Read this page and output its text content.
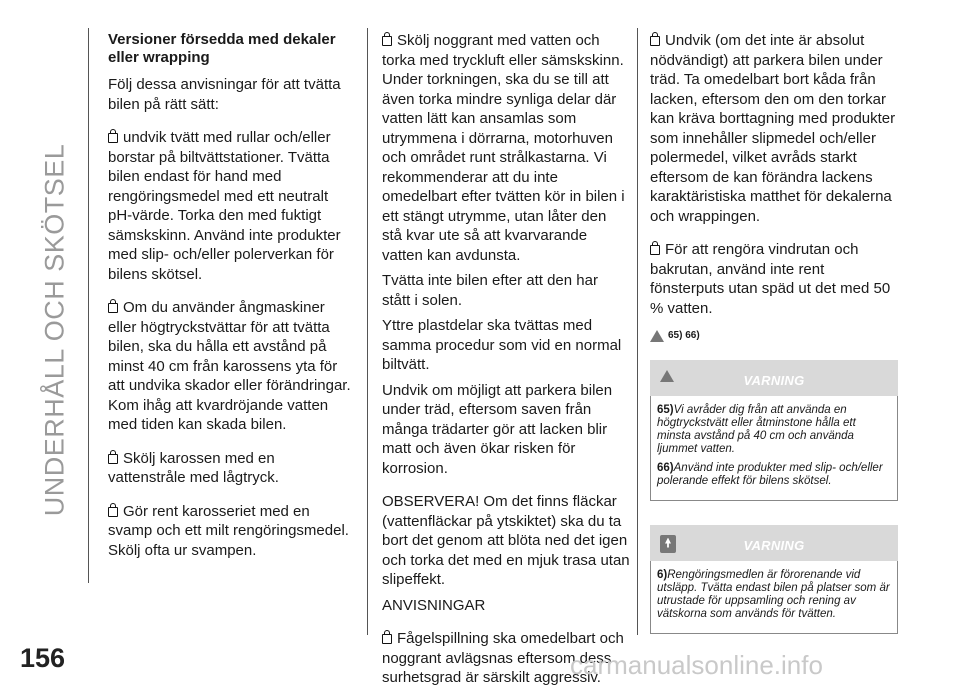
UNDERHÅLL OCH SKÖTSEL

Versioner försedda med dekaler eller wrapping

Följ dessa anvisningar för att tvätta bilen på rätt sätt:

undvik tvätt med rullar och/eller borstar på biltvättstationer. Tvätta bilen endast för hand med rengöringsmedel med ett neutralt pH-värde. Torka den med fuktigt sämskskinn. Använd inte produkter med slip- och/eller polerverkan för bilens skötsel.

Om du använder ångmaskiner eller högtryckstvättar för att tvätta bilen, ska du hålla ett avstånd på minst 40 cm från karossens yta för att undvika skador eller förändringar. Kom ihåg att kvardröjande vatten med tiden kan skada bilen.

Skölj karossen med en vattenstråle med lågtryck.

Gör rent karosseriet med en svamp och ett milt rengöringsmedel. Skölj ofta ur svampen.

Skölj noggrant med vatten och torka med tryckluft eller sämskskinn. Under torkningen, ska du se till att även torka mindre synliga delar där vatten lätt kan ansamlas som utrymmena i dörrarna, motorhuven och området runt strålkastarna. Vi rekommenderar att du inte omedelbart efter tvätten kör in bilen i ett stängt utrymme, utan låter den stå kvar ute så att kvarvarande vatten kan avdunsta.

Tvätta inte bilen efter att den har stått i solen.

Yttre plastdelar ska tvättas med samma procedur som vid en normal biltvätt.

Undvik om möjligt att parkera bilen under träd, eftersom saven från många trädarter gör att lacken blir matt och även ökar risken för korrosion.

OBSERVERA! Om det finns fläckar (vattenfläckar på ytskiktet) ska du ta bort det genom att blöta ned det igen och torka det med en mjuk trasa utan slipeffekt.

ANVISNINGAR

Fågelspillning ska omedelbart och noggrant avlägsnas eftersom dess surhetsgrad är särskilt aggressiv.

Undvik (om det inte är absolut nödvändigt) att parkera bilen under träd. Ta omedelbart bort kåda från lacken, eftersom den om den torkar kan kräva borttagning med produkter som innehåller slipmedel och/eller polermedel, vilket avråds starkt eftersom de kan förändra lackens karaktäristiska matthet för dekalerna och wrappingen.

För att rengöra vindrutan och bakrutan, använd inte rent fönsterputs utan späd ut det med 50 % vatten.

65) 66)
VARNING

65)Vi avråder dig från att använda en högtryckstvätt eller åtminstone hålla ett minsta avstånd på 40 cm och använda ljummet vatten.

66)Använd inte produkter med slip- och/eller polerande effekt för bilens skötsel.

VARNING

6)Rengöringsmedlen är förorenande vid utsläpp. Tvätta endast bilen på platser som är utrustade för uppsamling och rening av vätskorna som används för tvätten.

156	carmanualsonline.info
